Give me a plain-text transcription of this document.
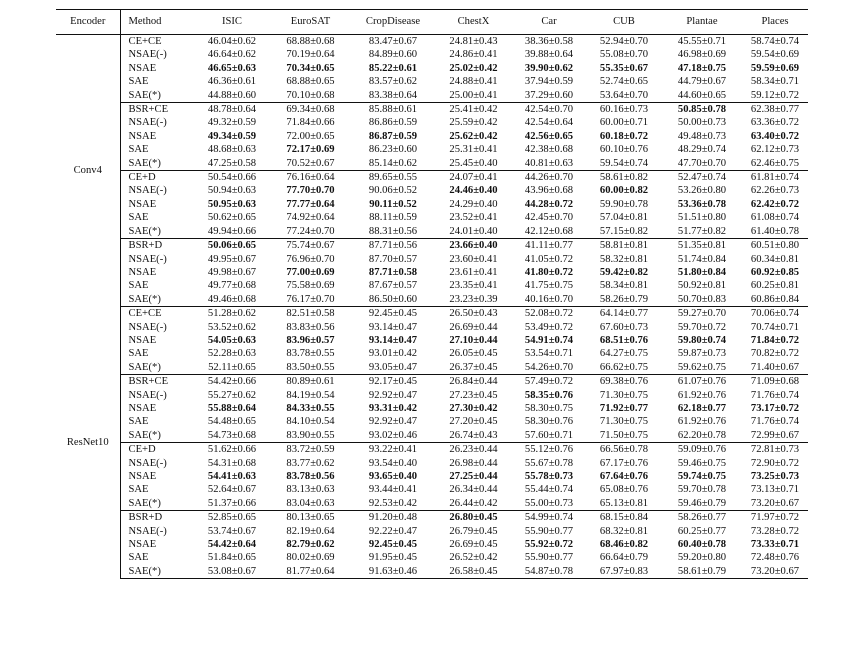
Encoder	Method	ISIC	EuroSAT	CropDisease	ChestX	Car	CUB	Plantae	Places
Conv4	CE+CE	46.04±0.62	68.88±0.68	83.47±0.67	24.81±0.43	38.36±0.58	52.94±0.70	45.55±0.71	58.74±0.74
	NSAE(-)	46.64±0.62	70.19±0.64	84.89±0.60	24.86±0.41	39.88±0.64	55.08±0.70	46.98±0.69	59.54±0.69
	NSAE	46.65±0.63	70.34±0.65	85.22±0.61	25.02±0.42	39.90±0.62	55.35±0.67	47.18±0.75	59.59±0.69
	SAE	46.36±0.61	68.88±0.65	83.57±0.62	24.88±0.41	37.94±0.59	52.74±0.65	44.79±0.67	58.34±0.71
	SAE(*)	44.88±0.60	70.10±0.68	83.38±0.64	25.00±0.41	37.29±0.60	53.64±0.70	44.60±0.65	59.12±0.72
	BSR+CE	48.78±0.64	69.34±0.68	85.88±0.61	25.41±0.42	42.54±0.70	60.16±0.73	50.85±0.78	62.38±0.77
	NSAE(-)	49.32±0.59	71.84±0.66	86.86±0.59	25.59±0.42	42.54±0.64	60.00±0.71	50.00±0.73	63.36±0.72
	NSAE	49.34±0.59	72.00±0.65	86.87±0.59	25.62±0.42	42.56±0.65	60.18±0.72	49.48±0.73	63.40±0.72
	SAE	48.68±0.63	72.17±0.69	86.23±0.60	25.31±0.41	42.38±0.68	60.10±0.76	48.29±0.74	62.12±0.73
	SAE(*)	47.25±0.58	70.52±0.67	85.14±0.62	25.45±0.40	40.81±0.63	59.54±0.74	47.70±0.70	62.46±0.75
	CE+D	50.54±0.66	76.16±0.64	89.65±0.55	24.07±0.41	44.26±0.70	58.61±0.82	52.47±0.74	61.81±0.74
	NSAE(-)	50.94±0.63	77.70±0.70	90.06±0.52	24.46±0.40	43.96±0.68	60.00±0.82	53.26±0.80	62.26±0.73
	NSAE	50.95±0.63	77.77±0.64	90.11±0.52	24.29±0.40	44.28±0.72	59.90±0.78	53.36±0.78	62.42±0.72
	SAE	50.62±0.65	74.92±0.64	88.11±0.59	23.52±0.41	42.45±0.70	57.04±0.81	51.51±0.80	61.08±0.74
	SAE(*)	49.94±0.66	77.24±0.70	88.31±0.56	24.01±0.40	42.12±0.68	57.15±0.82	51.77±0.82	61.40±0.78
	BSR+D	50.06±0.65	75.74±0.67	87.71±0.56	23.66±0.40	41.11±0.77	58.81±0.81	51.35±0.81	60.51±0.80
	NSAE(-)	49.95±0.67	76.96±0.70	87.70±0.57	23.60±0.41	41.05±0.72	58.32±0.81	51.74±0.84	60.34±0.81
	NSAE	49.98±0.67	77.00±0.69	87.71±0.58	23.61±0.41	41.80±0.72	59.42±0.82	51.80±0.84	60.92±0.85
	SAE	49.77±0.68	75.58±0.69	87.67±0.57	23.35±0.41	41.75±0.75	58.34±0.81	50.92±0.81	60.25±0.81
	SAE(*)	49.46±0.68	76.17±0.70	86.50±0.60	23.23±0.39	40.16±0.70	58.26±0.79	50.70±0.83	60.86±0.84
ResNet10	CE+CE	51.28±0.62	82.51±0.58	92.45±0.45	26.50±0.43	52.08±0.72	64.14±0.77	59.27±0.70	70.06±0.74
	NSAE(-)	53.52±0.62	83.83±0.56	93.14±0.47	26.69±0.44	53.49±0.72	67.60±0.73	59.70±0.72	70.74±0.71
	NSAE	54.05±0.63	83.96±0.57	93.14±0.47	27.10±0.44	54.91±0.74	68.51±0.76	59.80±0.74	71.84±0.72
	SAE	52.28±0.63	83.78±0.55	93.01±0.42	26.05±0.45	53.54±0.71	64.27±0.75	59.87±0.73	70.82±0.72
	SAE(*)	52.11±0.65	83.50±0.55	93.05±0.47	26.37±0.45	54.26±0.70	66.62±0.75	59.62±0.75	71.40±0.67
	BSR+CE	54.42±0.66	80.89±0.61	92.17±0.45	26.84±0.44	57.49±0.72	69.38±0.76	61.07±0.76	71.09±0.68
	NSAE(-)	55.27±0.62	84.19±0.54	92.92±0.47	27.23±0.45	58.35±0.76	71.30±0.75	61.92±0.76	71.76±0.74
	NSAE	55.88±0.64	84.33±0.55	93.31±0.42	27.30±0.42	58.30±0.75	71.92±0.77	62.18±0.77	73.17±0.72
	SAE	54.48±0.65	84.10±0.54	92.92±0.47	27.20±0.45	58.30±0.76	71.30±0.75	61.92±0.76	71.76±0.74
	SAE(*)	54.73±0.68	83.90±0.55	93.02±0.46	26.74±0.43	57.60±0.71	71.50±0.75	62.20±0.78	72.99±0.67
	CE+D	51.62±0.66	83.72±0.59	93.22±0.41	26.23±0.44	55.12±0.76	66.56±0.78	59.09±0.76	72.81±0.73
	NSAE(-)	54.31±0.68	83.77±0.62	93.54±0.40	26.98±0.44	55.67±0.78	67.17±0.76	59.46±0.75	72.90±0.72
	NSAE	54.41±0.63	83.78±0.56	93.65±0.40	27.25±0.44	55.78±0.73	67.64±0.76	59.74±0.75	73.25±0.73
	SAE	52.64±0.67	83.13±0.63	93.44±0.41	26.34±0.44	55.44±0.74	65.08±0.76	59.70±0.78	73.13±0.71
	SAE(*)	51.37±0.66	83.04±0.63	92.53±0.42	26.44±0.42	55.00±0.73	65.13±0.81	59.46±0.79	73.20±0.67
	BSR+D	52.85±0.65	80.13±0.65	91.20±0.48	26.80±0.45	54.99±0.74	68.15±0.84	58.26±0.77	71.97±0.72
	NSAE(-)	53.74±0.67	82.19±0.64	92.22±0.47	26.79±0.45	55.90±0.77	68.32±0.81	60.25±0.77	73.28±0.72
	NSAE	54.42±0.64	82.79±0.62	92.45±0.45	26.69±0.45	55.92±0.72	68.46±0.82	60.40±0.78	73.33±0.71
	SAE	51.84±0.65	80.02±0.69	91.95±0.45	26.52±0.42	55.90±0.77	66.64±0.79	59.20±0.80	72.48±0.76
	SAE(*)	53.08±0.67	81.77±0.64	91.63±0.46	26.58±0.45	54.87±0.78	67.97±0.83	58.61±0.79	73.20±0.67
